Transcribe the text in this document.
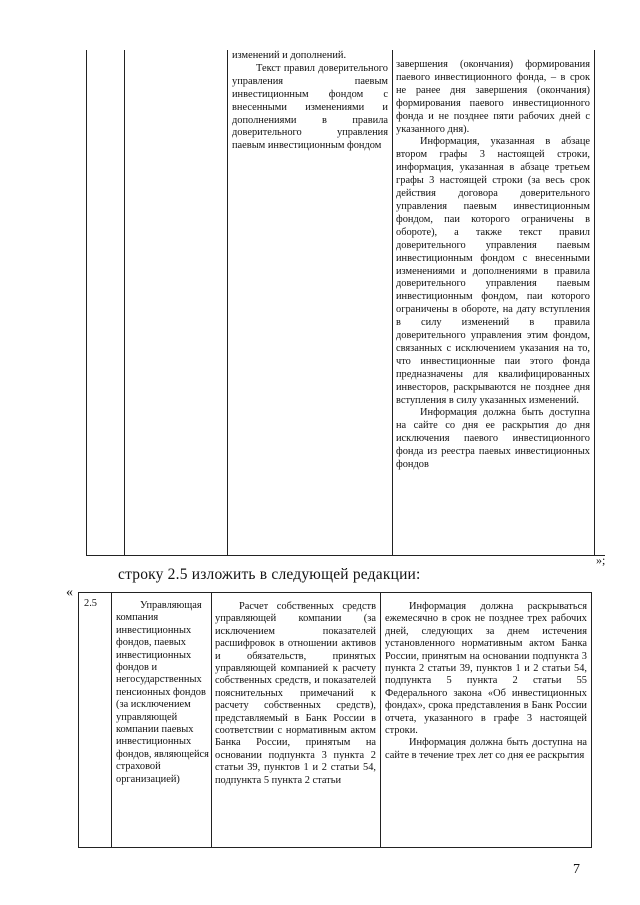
изменений и дополнений.

Текст правил доверительного управления паевым инвестиционным фондом с внесенными изменениями и дополнениями в правила доверительного управления паевым инвестиционным фондом

завершения (окончания) формирования паевого инвестиционного фонда, – в срок не ранее дня завершения (окончания) формирования паевого инвестиционного фонда и не позднее пяти рабочих дней с указанного дня).

Информация, указанная в абзаце втором графы 3 настоящей строки, информация, указанная в абзаце третьем графы 3 настоящей строки (за весь срок действия договора доверительного управления паевым инвестиционным фондом, паи которого ограничены в обороте), а также текст правил доверительного управления паевым инвестиционным фондом с внесенными изменениями и дополнениями в правила доверительного управления паевым инвестиционным фондом, паи которого ограничены в обороте, на дату вступления в силу изменений в правила доверительного управления этим фондом, связанных с исключением указания на то, что инвестиционные паи этого фонда предназначены для квалифицированных инвесторов, раскрываются не позднее дня вступления в силу указанных изменений.

Информация должна быть доступна на сайте со дня ее раскрытия до дня исключения паевого инвестиционного фонда из реестра паевых инвестиционных фондов

»;
строку 2.5 изложить в следующей редакции:
«

2.5	Управляющая компания инвестиционных фондов, паевых инвестиционных фондов и негосударственных пенсионных фондов (за исключением управляющей компании паевых инвестиционных фондов, являющейся страховой организацией)

Расчет собственных средств управляющей компании (за исключением показателей расшифровок в отношении активов и обязательств, принятых управляющей компанией к расчету собственных средств, и показателей пояснительных примечаний к расчету собственных средств), представляемый в Банк России в соответствии с нормативным актом Банка России, принятым на основании подпункта 3 пункта 2 статьи 39, пунктов 1 и 2 статьи 54, подпункта 5 пункта 2 статьи

Информация должна раскрываться ежемесячно в срок не позднее трех рабочих дней, следующих за днем истечения установленного нормативным актом Банка России, принятым на основании подпункта 3 пункта 2 статьи 39, пунктов 1 и 2 статьи 54, подпункта 5 пункта 2 статьи 55 Федерального закона «Об инвестиционных фондах», срока представления в Банк России отчета, указанного в графе 3 настоящей строки.

Информация должна быть доступна на сайте в течение трех лет со дня ее раскрытия

7
